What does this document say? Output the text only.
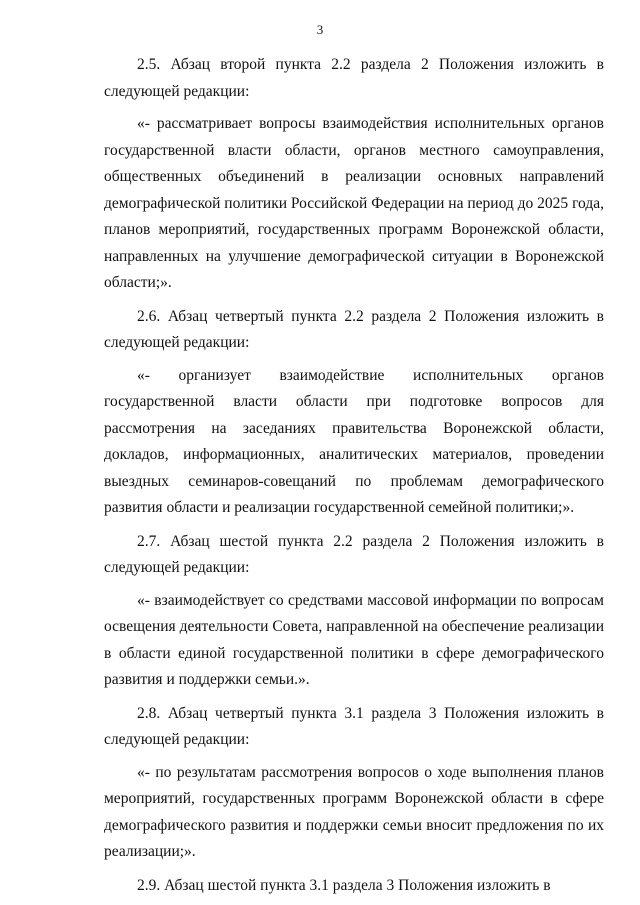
3

2.5. Абзац второй пункта 2.2 раздела 2 Положения изложить в следующей редакции:

«- рассматривает вопросы взаимодействия исполнительных органов государственной власти области, органов местного самоуправления, общественных объединений в реализации основных направлений демографической политики Российской Федерации на период до 2025 года, планов мероприятий, государственных программ Воронежской области, направленных на улучшение демографической ситуации в Воронежской области;».

2.6. Абзац четвертый пункта 2.2 раздела 2 Положения изложить в следующей редакции:

«- организует взаимодействие исполнительных органов государственной власти области при подготовке вопросов для рассмотрения на заседаниях правительства Воронежской области, докладов, информационных, аналитических материалов, проведении выездных семинаров-совещаний по проблемам демографического развития области и реализации государственной семейной политики;».

2.7. Абзац шестой пункта 2.2 раздела 2 Положения изложить в следующей редакции:

«- взаимодействует со средствами массовой информации по вопросам освещения деятельности Совета, направленной на обеспечение реализации в области единой государственной политики в сфере демографического развития и поддержки семьи.».

2.8. Абзац четвертый пункта 3.1 раздела 3 Положения изложить в следующей редакции:

«- по результатам рассмотрения вопросов о ходе выполнения планов мероприятий, государственных программ Воронежской области в сфере демографического развития и поддержки семьи вносит предложения по их реализации;».

2.9. Абзац шестой пункта 3.1 раздела 3 Положения изложить в
